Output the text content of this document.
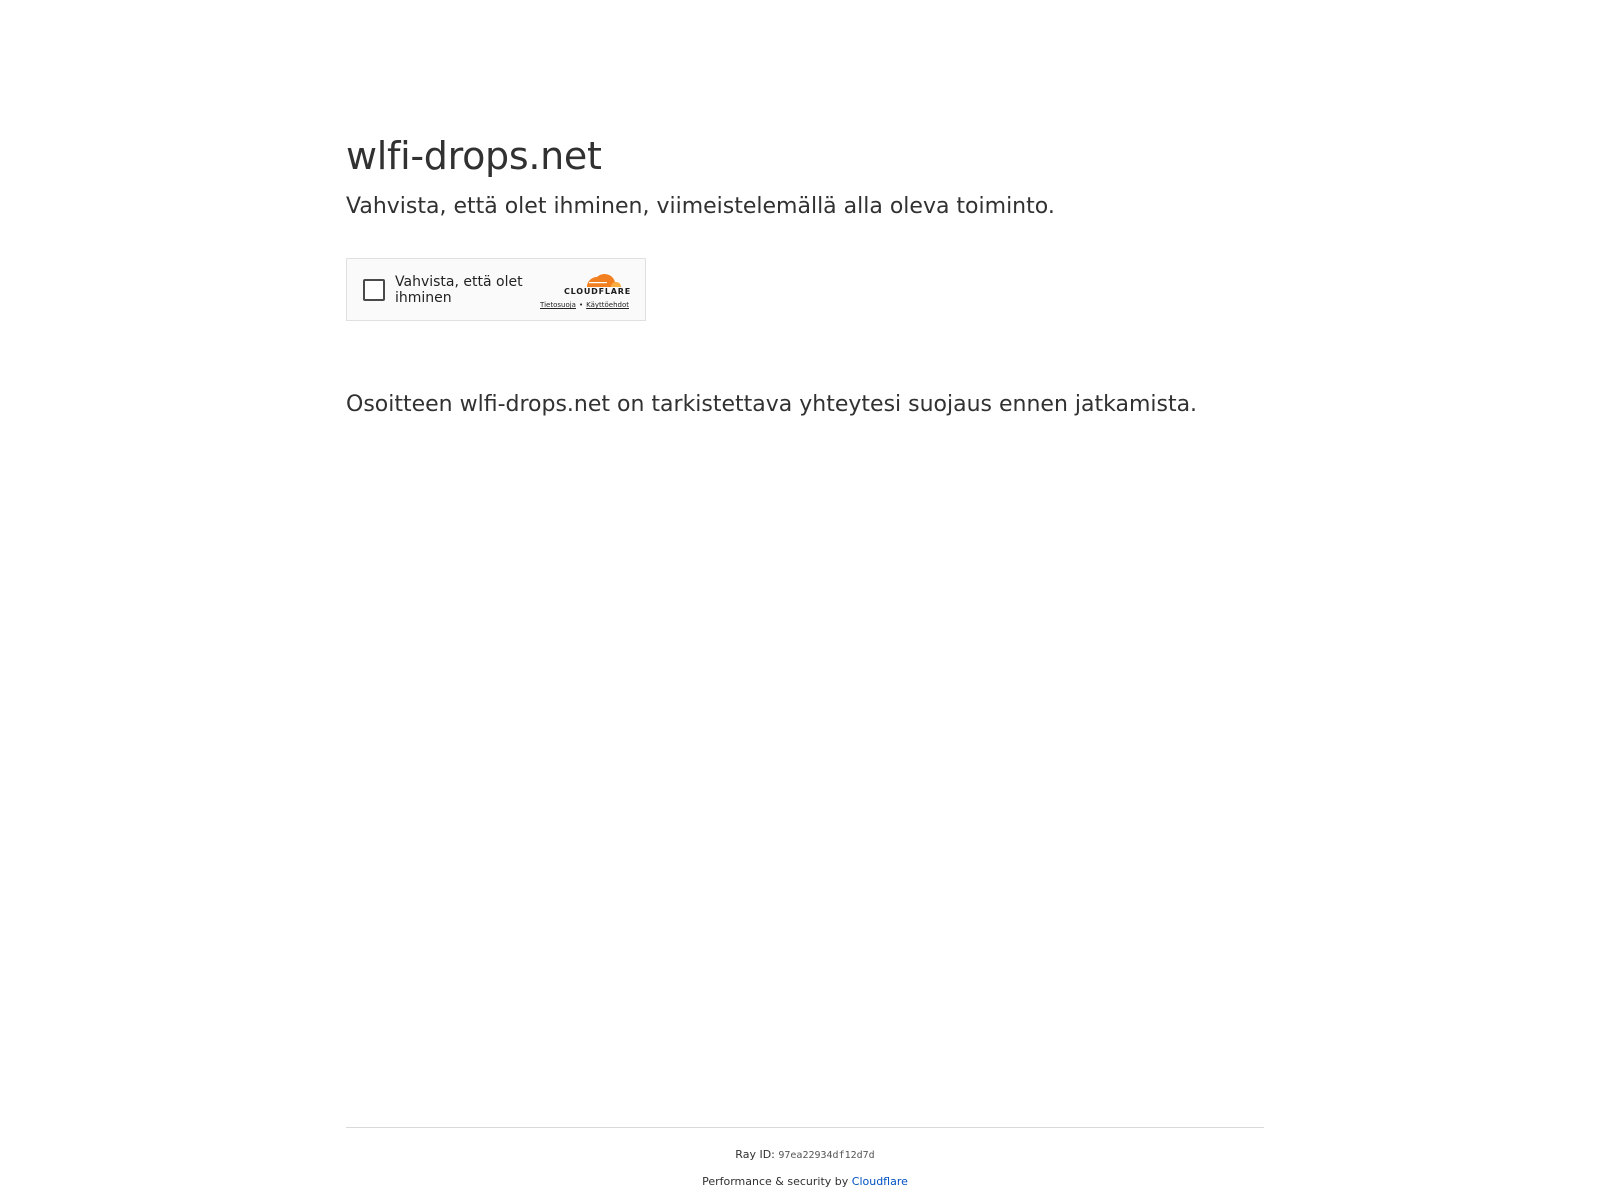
wlfi-drops.net

Vahvista, että olet ihminen, viimeistelemällä alla oleva toiminto.

Vahvista, että olet ihminen	CLOUDFLARE
Tietosuoja • Käyttöehdot
Osoitteen wlfi-drops.net on tarkistettava yhteytesi suojaus ennen jatkamista.
Ray ID: 97ea22934df12d7d
Performance & security by Cloudflare
